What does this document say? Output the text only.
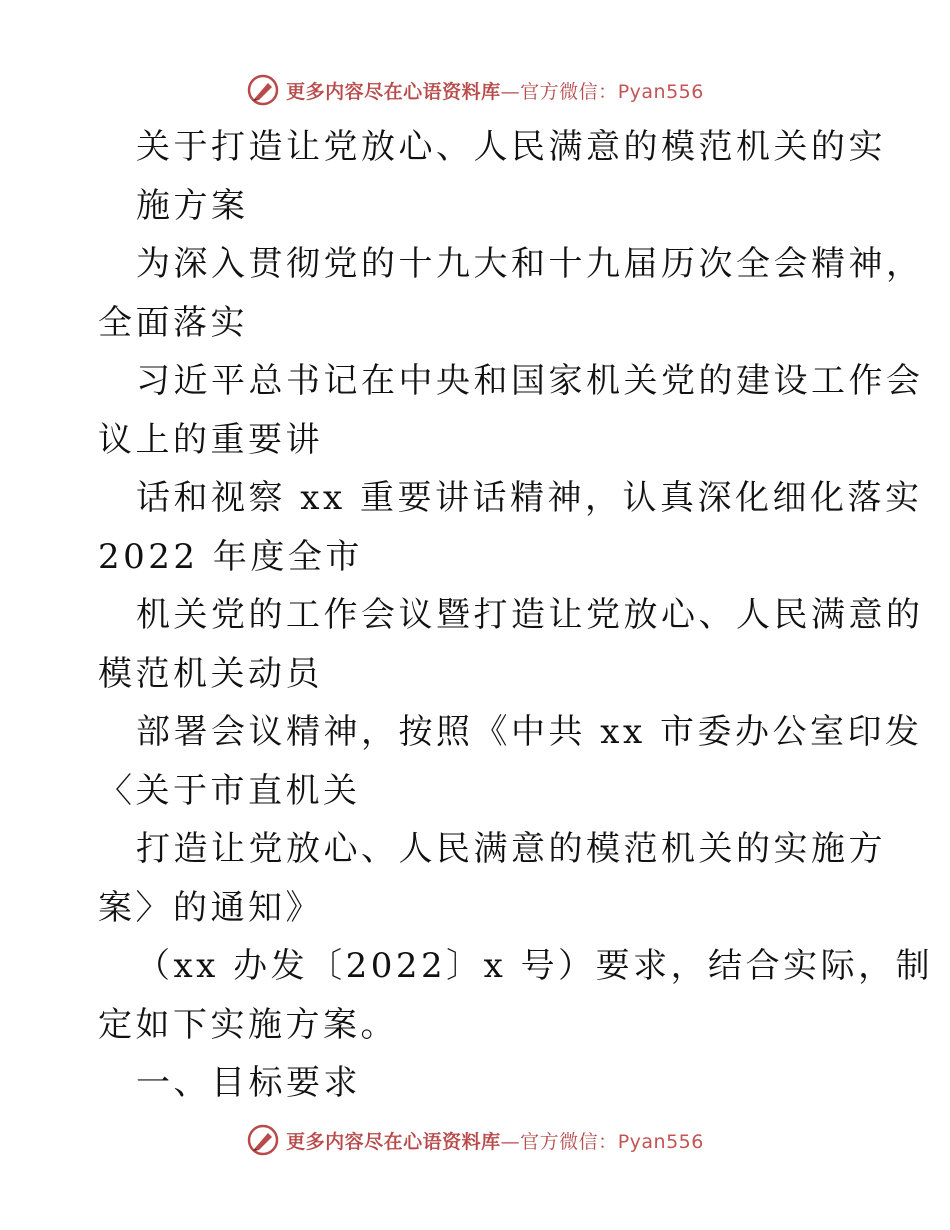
更多内容尽在心语资料库—官方微信：Pyan556
关于打造让党放心、人民满意的模范机关的实
施方案
为深入贯彻党的十九大和十九届历次全会精神，
全面落实
习近平总书记在中央和国家机关党的建设工作会
议上的重要讲
话和视察 xx 重要讲话精神，认真深化细化落实
2022 年度全市
机关党的工作会议暨打造让党放心、人民满意的
模范机关动员
部署会议精神，按照《中共 xx 市委办公室印发
〈关于市直机关
打造让党放心、人民满意的模范机关的实施方
案〉的通知》
（xx 办发〔2022〕x 号）要求，结合实际，制
定如下实施方案。
一、目标要求
更多内容尽在心语资料库—官方微信：Pyan556
